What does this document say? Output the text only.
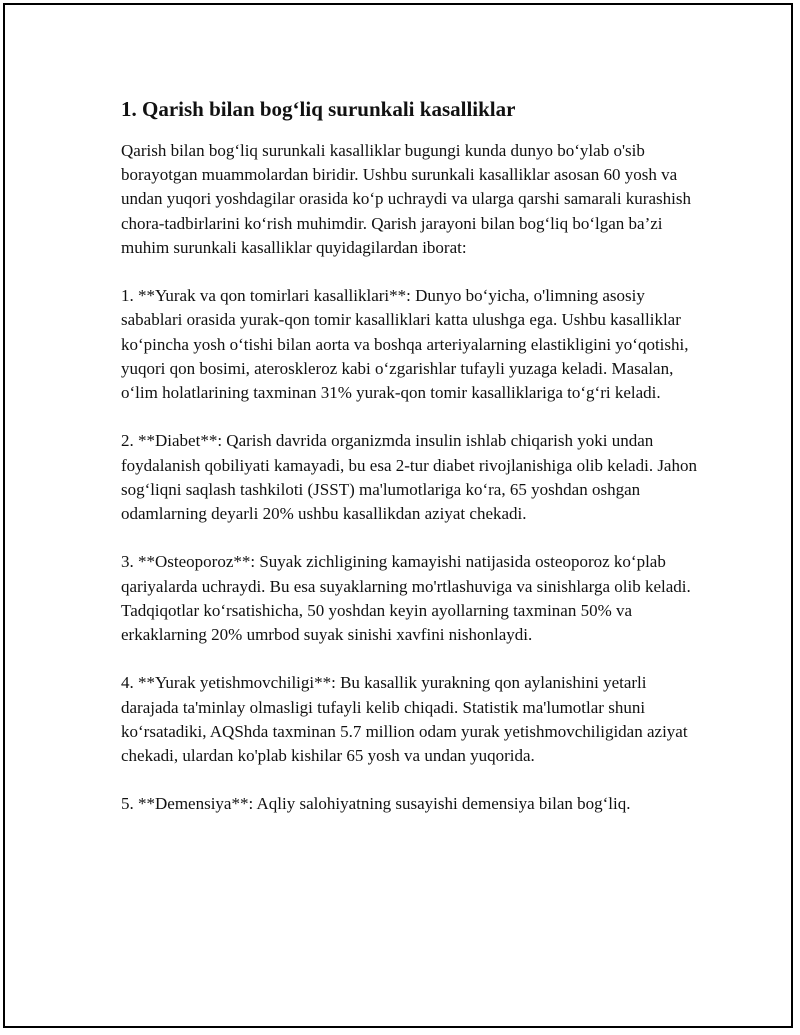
1. Qarish bilan bog‘liq surunkali kasalliklar

Qarish bilan bog‘liq surunkali kasalliklar bugungi kunda dunyo bo‘ylab o'sib borayotgan muammolardan biridir. Ushbu surunkali kasalliklar asosan 60 yosh va undan yuqori yoshdagilar orasida ko‘p uchraydi va ularga qarshi samarali kurashish chora-tadbirlarini ko‘rish muhimdir. Qarish jarayoni bilan bog‘liq bo‘lgan ba’zi muhim surunkali kasalliklar quyidagilardan iborat:

1. **Yurak va qon tomirlari kasalliklari**: Dunyo bo‘yicha, o'limning asosiy sabablari orasida yurak-qon tomir kasalliklari katta ulushga ega. Ushbu kasalliklar ko‘pincha yosh o‘tishi bilan aorta va boshqa arteriyalarning elastikligini yo‘qotishi, yuqori qon bosimi, ateroskleroz kabi o‘zgarishlar tufayli yuzaga keladi. Masalan, o‘lim holatlarining taxminan 31% yurak-qon tomir kasalliklariga to‘g‘ri keladi.

2. **Diabet**: Qarish davrida organizmda insulin ishlab chiqarish yoki undan foydalanish qobiliyati kamayadi, bu esa 2-tur diabet rivojlanishiga olib keladi. Jahon sog‘liqni saqlash tashkiloti (JSST) ma'lumotlariga ko‘ra, 65 yoshdan oshgan odamlarning deyarli 20% ushbu kasallikdan aziyat chekadi.

3. **Osteoporoz**: Suyak zichligining kamayishi natijasida osteoporoz ko‘plab qariyalarda uchraydi. Bu esa suyaklarning mo'rtlashuviga va sinishlarga olib keladi. Tadqiqotlar ko‘rsatishicha, 50 yoshdan keyin ayollarning taxminan 50% va erkaklarning 20% umrbod suyak sinishi xavfini nishonlaydi.

4. **Yurak yetishmovchiligi**: Bu kasallik yurakning qon aylanishini yetarli darajada ta'minlay olmasligi tufayli kelib chiqadi. Statistik ma'lumotlar shuni ko‘rsatadiki, AQShda taxminan 5.7 million odam yurak yetishmovchiligidan aziyat chekadi, ulardan ko'plab kishilar 65 yosh va undan yuqorida.

5. **Demensiya**: Aqliy salohiyatning susayishi demensiya bilan bog‘liq.
